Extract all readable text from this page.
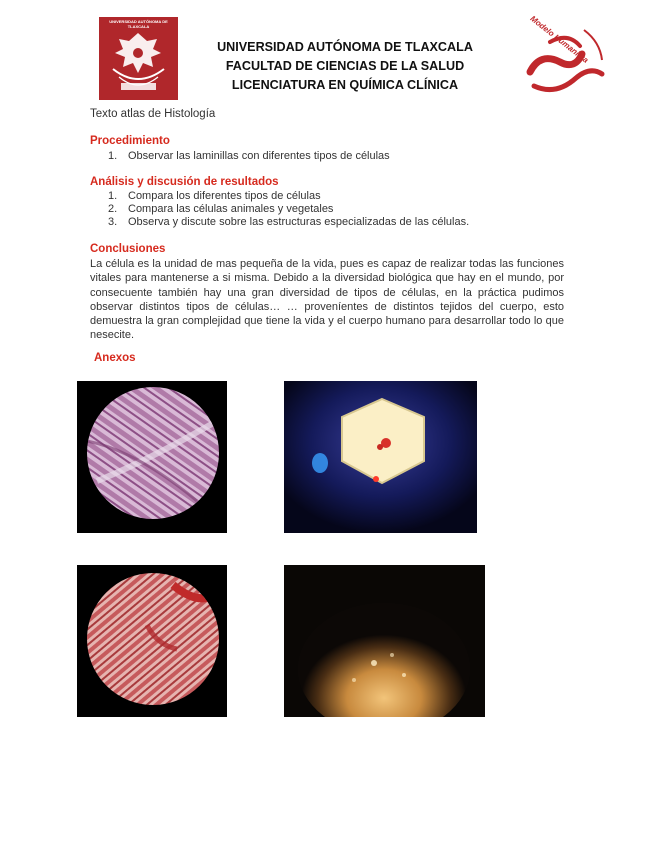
UNIVERSIDAD AUTÓNOMA DE TLAXCALA
UNIVERSIDAD AUTÓNOMA DE TLAXCALA
FACULTAD DE CIENCIAS DE LA SALUD
LICENCIATURA EN QUÍMICA CLÍNICA
Modelo Humanista
Texto atlas de Histología
Procedimiento
1. Observar las laminillas con diferentes tipos de células
Análisis y discusión de resultados
1. Compara los diferentes tipos de células
2. Compara las células animales y vegetales
3. Observa y discute sobre las estructuras especializadas de las células.
Conclusiones

La célula es la unidad de mas pequeña de la vida, pues es capaz de realizar todas las funciones vitales para mantenerse a si misma. Debido a la diversidad biológica que hay en el mundo, por consecuente también hay una gran diversidad de tipos de células, en la práctica pudimos observar distintos tipos de células… … proveníentes de distintos tejidos del cuerpo, esto demuestra la gran complejidad que tiene la vida y el cuerpo humano para desarrollar todo lo que nesecite.

Anexos
